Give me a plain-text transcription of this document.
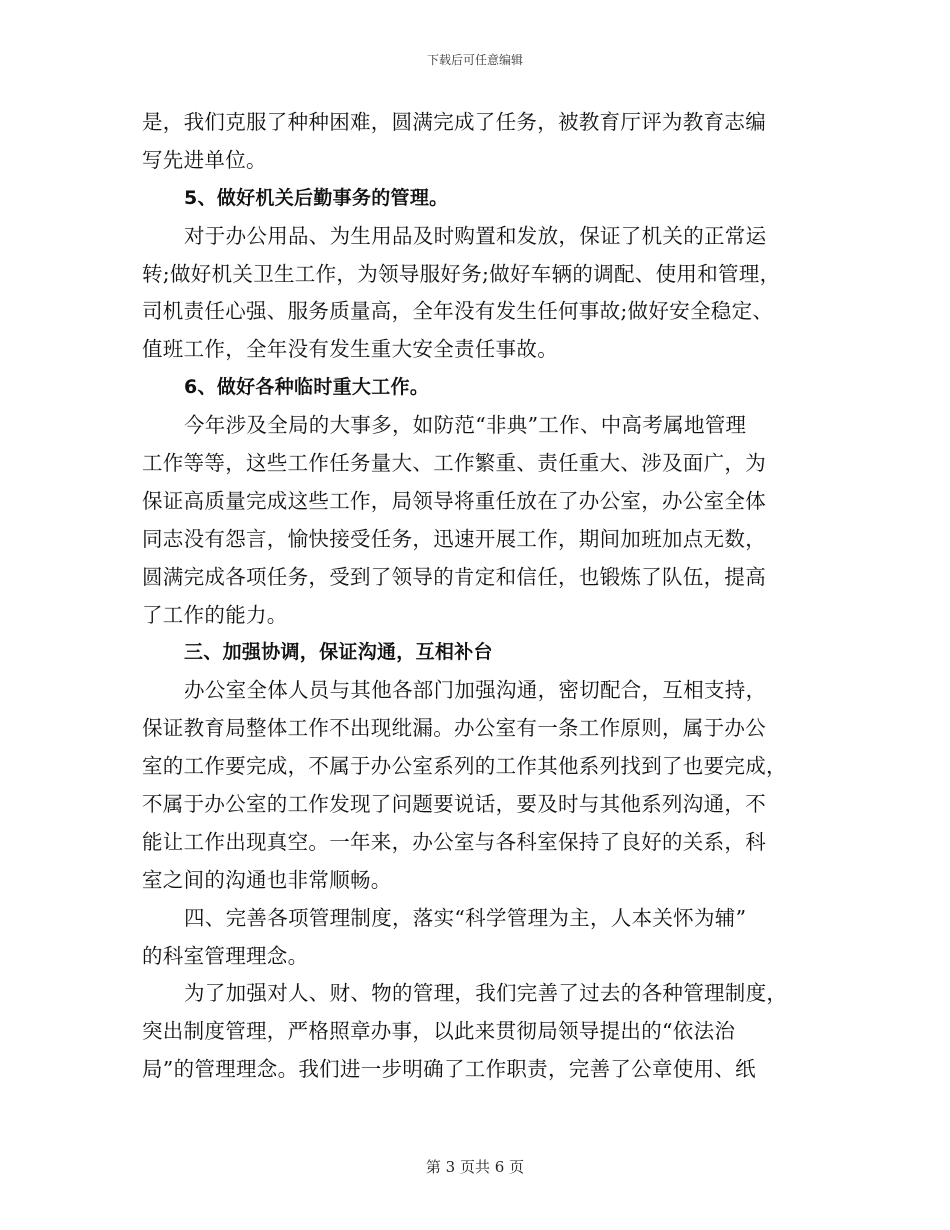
下载后可任意编辑
是，我们克服了种种困难，圆满完成了任务，被教育厅评为教育志编
写先进单位。
5、做好机关后勤事务的管理。
对于办公用品、为生用品及时购置和发放，保证了机关的正常运
转;做好机关卫生工作，为领导服好务;做好车辆的调配、使用和管理，
司机责任心强、服务质量高，全年没有发生任何事故;做好安全稳定、
值班工作，全年没有发生重大安全责任事故。
6、做好各种临时重大工作。
今年涉及全局的大事多，如防范“非典”工作、中高考属地管理
工作等等，这些工作任务量大、工作繁重、责任重大、涉及面广，为
保证高质量完成这些工作，局领导将重任放在了办公室，办公室全体
同志没有怨言，愉快接受任务，迅速开展工作，期间加班加点无数，
圆满完成各项任务，受到了领导的肯定和信任，也锻炼了队伍，提高
了工作的能力。
三、加强协调，保证沟通，互相补台
办公室全体人员与其他各部门加强沟通，密切配合，互相支持，
保证教育局整体工作不出现纰漏。办公室有一条工作原则，属于办公
室的工作要完成，不属于办公室系列的工作其他系列找到了也要完成，
不属于办公室的工作发现了问题要说话，要及时与其他系列沟通，不
能让工作出现真空。一年来，办公室与各科室保持了良好的关系，科
室之间的沟通也非常顺畅。
四、完善各项管理制度，落实“科学管理为主，人本关怀为辅”
的科室管理理念。
为了加强对人、财、物的管理，我们完善了过去的各种管理制度，
突出制度管理，严格照章办事，以此来贯彻局领导提出的“依法治
局”的管理理念。我们进一步明确了工作职责，完善了公章使用、纸
第 3 页共 6 页
